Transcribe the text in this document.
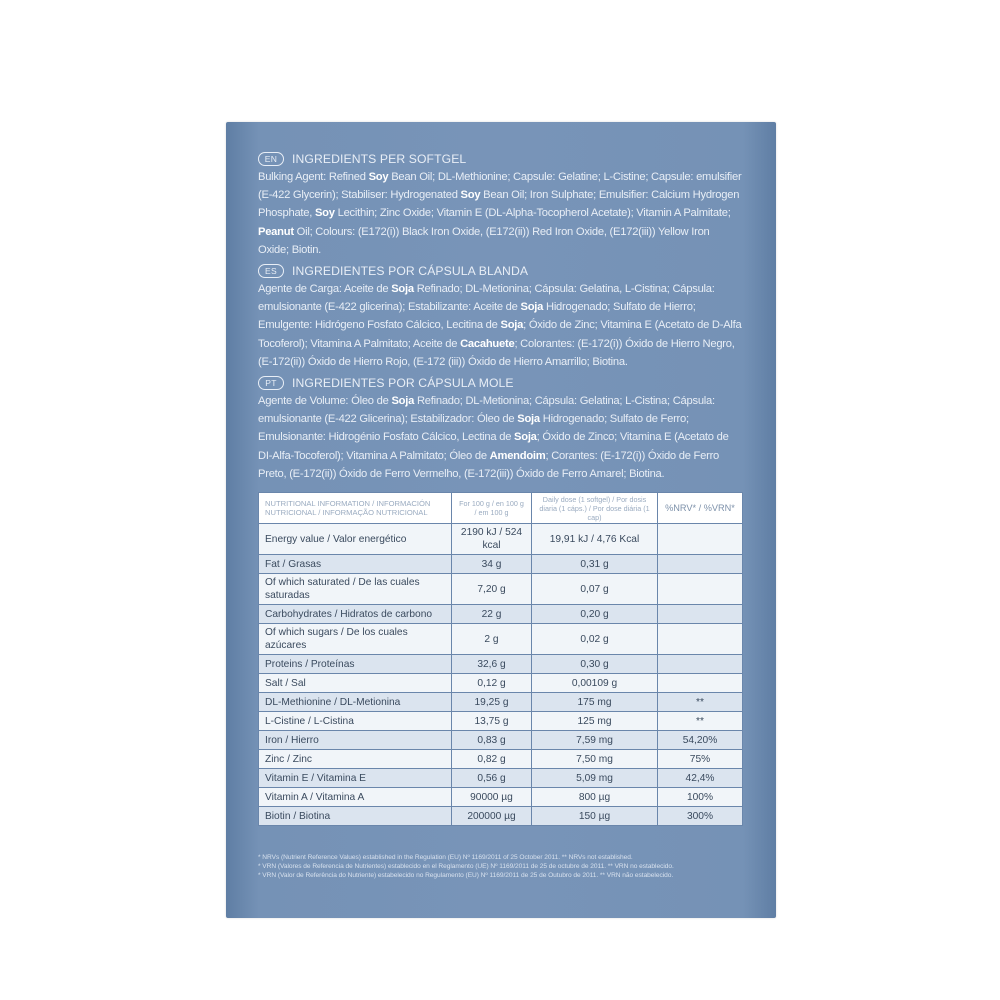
EN	INGREDIENTS PER SOFTGEL

Bulking Agent: Refined Soy Bean Oil; DL-Methionine; Capsule: Gelatine; L-Cistine; Capsule: emulsifier (E-422 Glycerin); Stabiliser: Hydrogenated Soy Bean Oil; Iron Sulphate; Emulsifier: Calcium Hydrogen Phosphate, Soy Lecithin; Zinc Oxide; Vitamin E (DL-Alpha-Tocopherol Acetate); Vitamin A Palmitate; Peanut Oil; Colours: (E172(i)) Black Iron Oxide, (E172(ii)) Red Iron Oxide, (E172(iii)) Yellow Iron Oxide; Biotin.

ES	INGREDIENTES POR CÁPSULA BLANDA

Agente de Carga: Aceite de Soja Refinado; DL-Metionina; Cápsula: Gelatina, L-Cistina; Cápsula: emulsionante (E-422 glicerina); Estabilizante: Aceite de Soja Hidrogenado; Sulfato de Hierro; Emulgente: Hidrógeno Fosfato Cálcico, Lecitina de Soja; Óxido de Zinc; Vitamina E (Acetato de D-Alfa Tocoferol); Vitamina A Palmitato; Aceite de Cacahuete; Colorantes: (E-172(i)) Óxido de Hierro Negro, (E-172(ii)) Óxido de Hierro Rojo, (E-172 (iii)) Óxido de Hierro Amarrillo; Biotina.

PT	INGREDIENTES POR CÁPSULA MOLE

Agente de Volume: Óleo de Soja Refinado; DL-Metionina; Cápsula: Gelatina; L-Cistina; Cápsula: emulsionante (E-422 Glicerina); Estabilizador: Óleo de Soja Hidrogenado; Sulfato de Ferro; Emulsionante: Hidrogénio Fosfato Cálcico, Lectina de Soja; Óxido de Zinco; Vitamina E (Acetato de DI-Alfa-Tocoferol); Vitamina A Palmitato; Óleo de Amendoim; Corantes: (E-172(i)) Óxido de Ferro Preto, (E-172(ii)) Óxido de Ferro Vermelho, (E-172(iii)) Óxido de Ferro Amarel; Biotina.

NUTRITIONAL INFORMATION / INFORMACIÓN NUTRICIONAL / INFORMAÇÃO NUTRICIONAL	For 100 g / en 100 g / em 100 g	Daily dose (1 softgel) / Por dosis diaria (1 cáps.) / Por dose diária (1 cap)	%NRV* / %VRN*
Energy value / Valor energético	2190 kJ / 524 kcal	19,91 kJ / 4,76 Kcal	
Fat / Grasas	34 g	0,31 g	
Of which saturated / De las cuales saturadas	7,20 g	0,07 g	
Carbohydrates / Hidratos de carbono	22 g	0,20 g	
Of which sugars / De los cuales azúcares	2 g	0,02 g	
Proteins / Proteínas	32,6 g	0,30 g	
Salt / Sal	0,12 g	0,00109 g	
DL-Methionine / DL-Metionina	19,25 g	175 mg	**
L-Cistine / L-Cistina	13,75 g	125 mg	**
Iron / Hierro	0,83 g	7,59 mg	54,20%
Zinc / Zinc	0,82 g	7,50 mg	75%
Vitamin E / Vitamina E	0,56 g	5,09 mg	42,4%
Vitamin A / Vitamina A	90000 µg	800 µg	100%
Biotin / Biotina	200000 µg	150 µg	300%
* NRVs (Nutrient Reference Values) established in the Regulation (EU) Nº 1169/2011 of 25 October 2011. ** NRVs not established.
* VRN (Valores de Referencia de Nutrientes) establecido en el Reglamento (UE) Nº 1169/2011 de 25 de octubre de 2011. ** VRN no establecido.
* VRN (Valor de Referência do Nutriente) estabelecido no Regulamento (EU) Nº 1169/2011 de 25 de Outubro de 2011. ** VRN não estabelecido.
